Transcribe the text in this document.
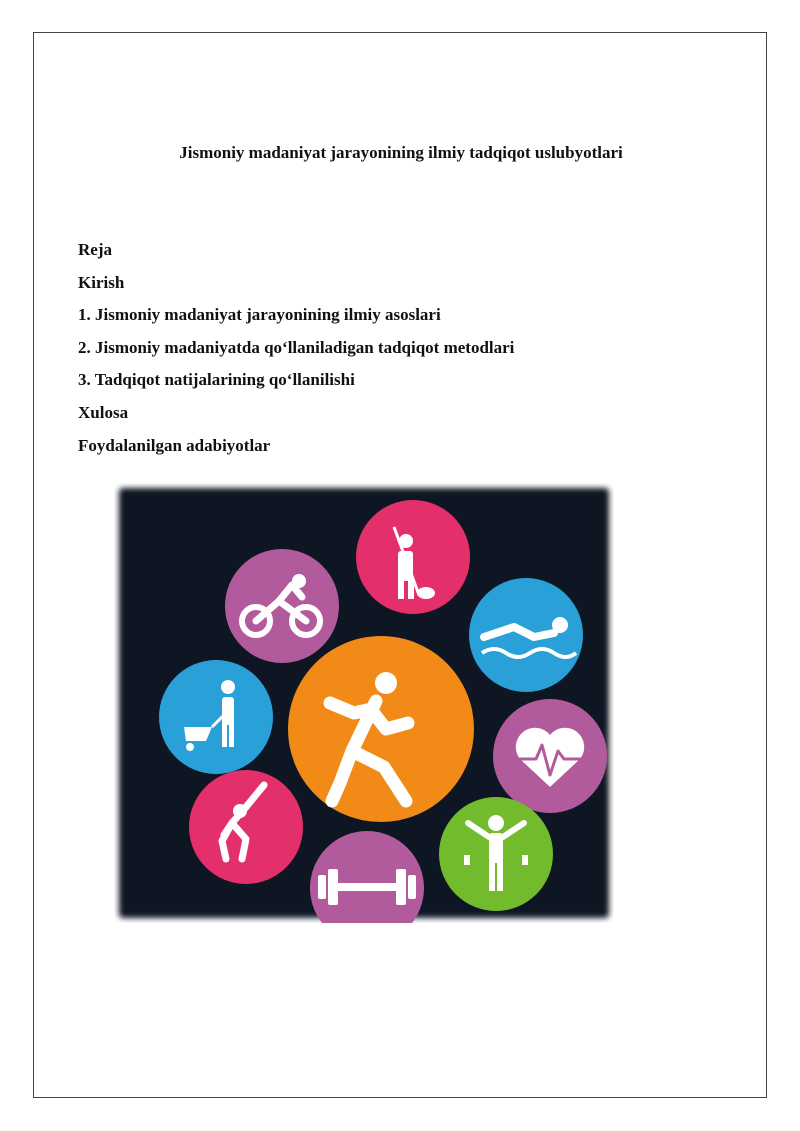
Jismoniy madaniyat jarayonining ilmiy tadqiqot uslubyotlari
Reja
Kirish
1. Jismoniy madaniyat jarayonining ilmiy asoslari
2. Jismoniy madaniyatda qo‘llaniladigan tadqiqot metodlari
3. Tadqiqot natijalarining qo‘llanilishi
Xulosa
Foydalanilgan adabiyotlar
